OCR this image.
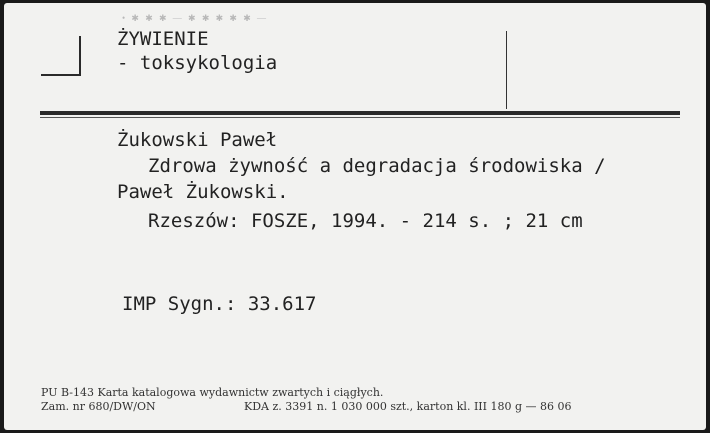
• ✱ ✱ ✱ — ✱ ✱ ✱ ✱ ✱ —
ŻYWIENIE
- toksykologia
Żukowski Paweł
Zdrowa żywność a degradacja środowiska /
Paweł Żukowski.
Rzeszów: FOSZE, 1994. - 214 s. ; 21 cm
IMP Sygn.: 33.617
PU B-143 Karta katalogowa wydawnictw zwartych i ciągłych.
Zam. nr 680/DW/ON	KDA z. 3391 n. 1 030 000 szt., karton kl. III 180 g — 86 06
